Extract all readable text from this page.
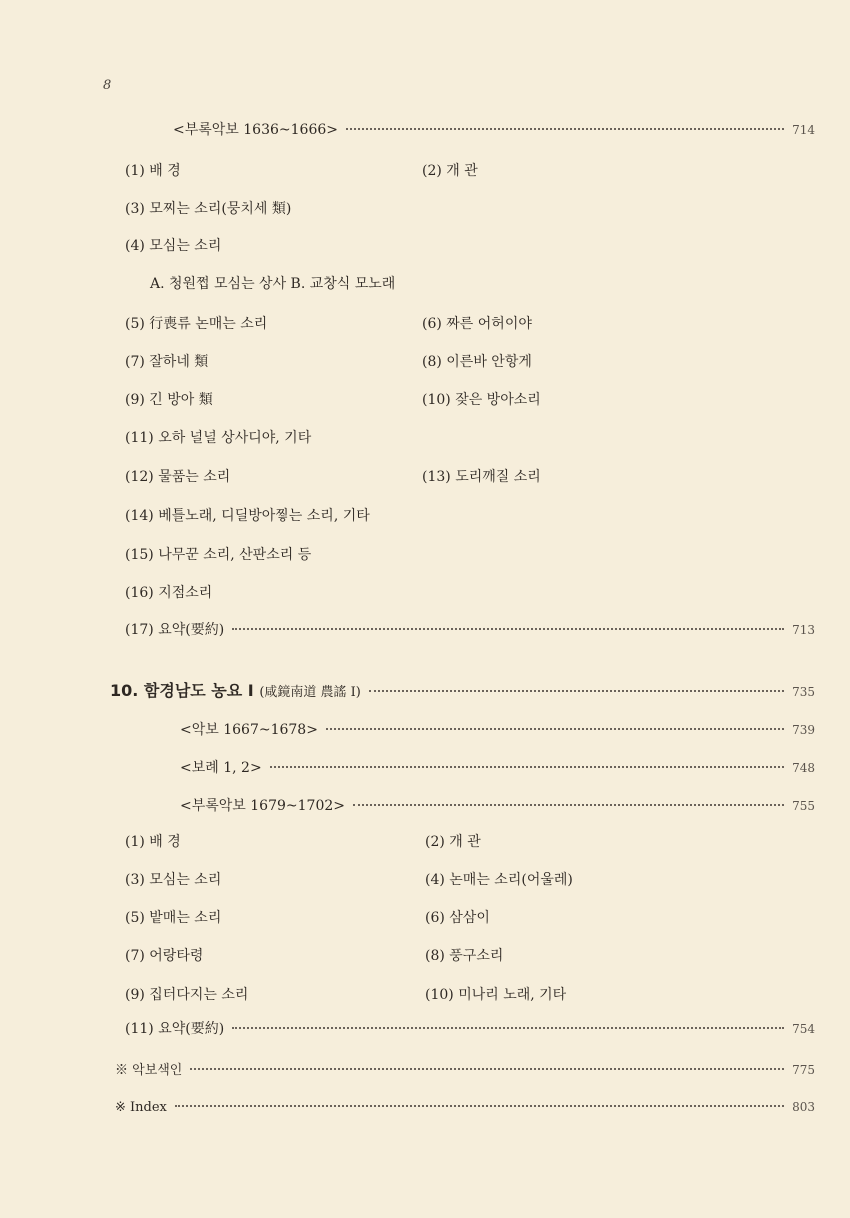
8
<부록악보 1636~1666>	714
(1) 배 경	(2) 개 관
(3) 모찌는 소리(뭉치세 類)
(4) 모심는 소리
A. 청원쩝 모심는 상사 B. 교창식 모노래
(5) 行喪류 논매는 소리	(6) 짜른 어허이야
(7) 잘하네 類	(8) 이른바 안항게
(9) 긴 방아 類	(10) 잦은 방아소리
(11) 오하 널널 상사디야, 기타
(12) 물품는 소리	(13) 도리깨질 소리
(14) 베틀노래, 디딜방아찧는 소리, 기타
(15) 나무꾼 소리, 산판소리 등
(16) 지점소리
(17) 요약(要約)	713
10. 함경남도 농요 Ⅰ (咸鏡南道 農謠 Ⅰ)	735
<악보 1667~1678>	739
<보례 1, 2>	748
<부록악보 1679~1702>	755
(1) 배 경	(2) 개 관
(3) 모심는 소리	(4) 논매는 소리(어울레)
(5) 밭매는 소리	(6) 삼삼이
(7) 어랑타령	(8) 풍구소리
(9) 집터다지는 소리	(10) 미나리 노래, 기타
(11) 요약(要約)	754
※ 악보색인	775
※ Index	803
